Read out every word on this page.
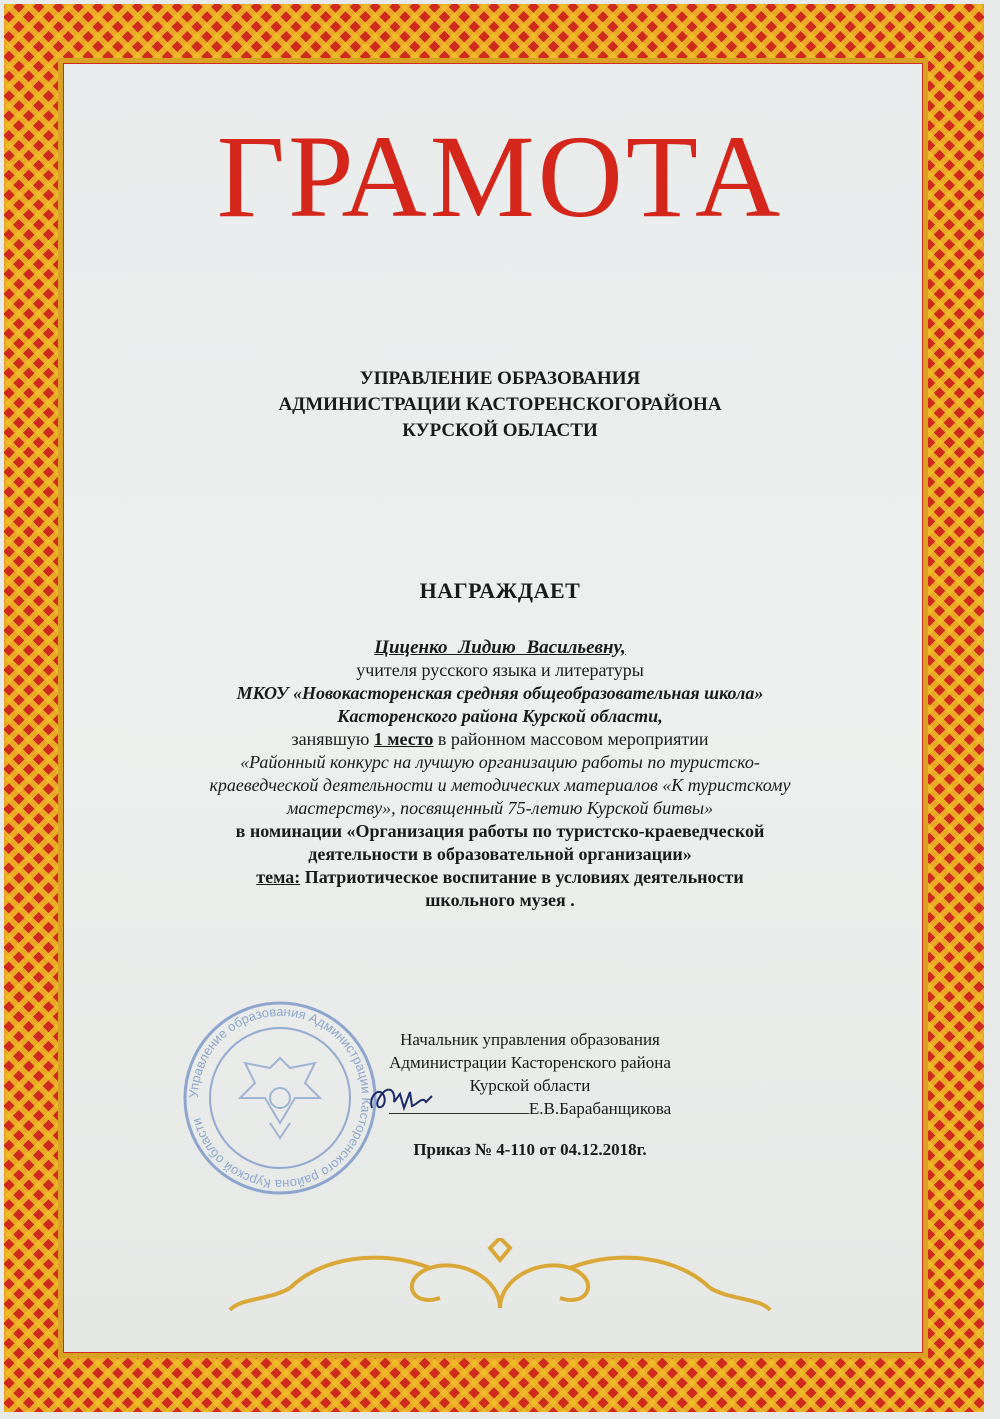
ГРАМОТА
УПРАВЛЕНИЕ ОБРАЗОВАНИЯ
АДМИНИСТРАЦИИ КАСТОРЕНСКОГОРАЙОНА
КУРСКОЙ ОБЛАСТИ
НАГРАЖДАЕТ
Циценко Лидию Васильевну,
учителя русского языка и литературы
МКОУ «Новокасторенская средняя общеобразовательная школа»
Касторенского района Курской области,
занявшую 1 место в районном массовом мероприятии
«Районный конкурс на лучшую организацию работы по туристско-
краеведческой деятельности и методических материалов «К туристскому
мастерству», посвященный 75-летию Курской битвы»
в номинации «Организация работы по туристско-краеведческой
деятельности в образовательной организации»
тема: Патриотическое воспитание в условиях деятельности
школьного музея .
Управление образования Администрации Касторенского района Курской области
Начальник управления образования
Администрации Касторенского района
Курской области
Е.В.Барабанщикова
Приказ № 4-110 от 04.12.2018г.
